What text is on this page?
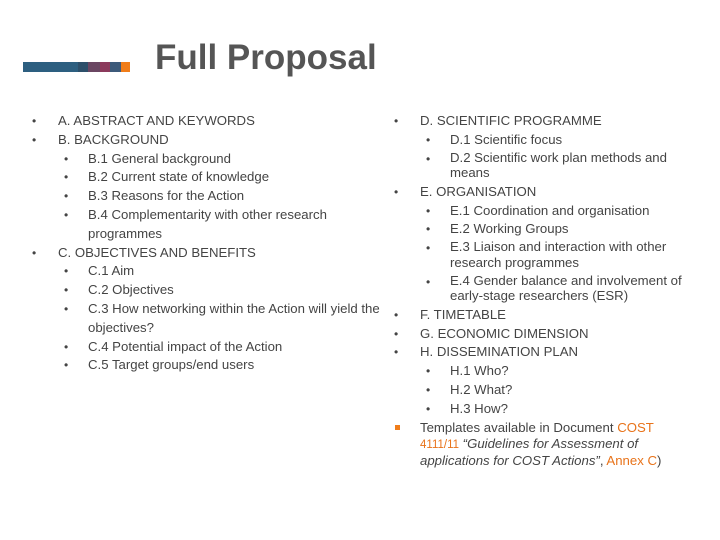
Full Proposal
• A. ABSTRACT AND KEYWORDS
• B. BACKGROUND
• B.1 General background
• B.2 Current state of knowledge
• B.3 Reasons for the Action
• B.4 Complementarity with other research programmes
• C. OBJECTIVES AND BENEFITS
• C.1 Aim
• C.2 Objectives
• C.3 How networking within the Action will yield the objectives?
• C.4 Potential impact of the Action
• C.5 Target groups/end users
• D. SCIENTIFIC PROGRAMME
• D.1 Scientific focus
• D.2 Scientific work plan methods and means
• E. ORGANISATION
• E.1 Coordination and organisation
• E.2 Working Groups
• E.3 Liaison and interaction with other research programmes
• E.4 Gender balance and involvement of early-stage researchers (ESR)
• F. TIMETABLE
• G. ECONOMIC DIMENSION
• H. DISSEMINATION PLAN
• H.1 Who?
• H.2 What?
• H.3 How?
Templates available in Document COST
4111/11 “Guidelines for Assessment of applications for COST Actions”, Annex C)
